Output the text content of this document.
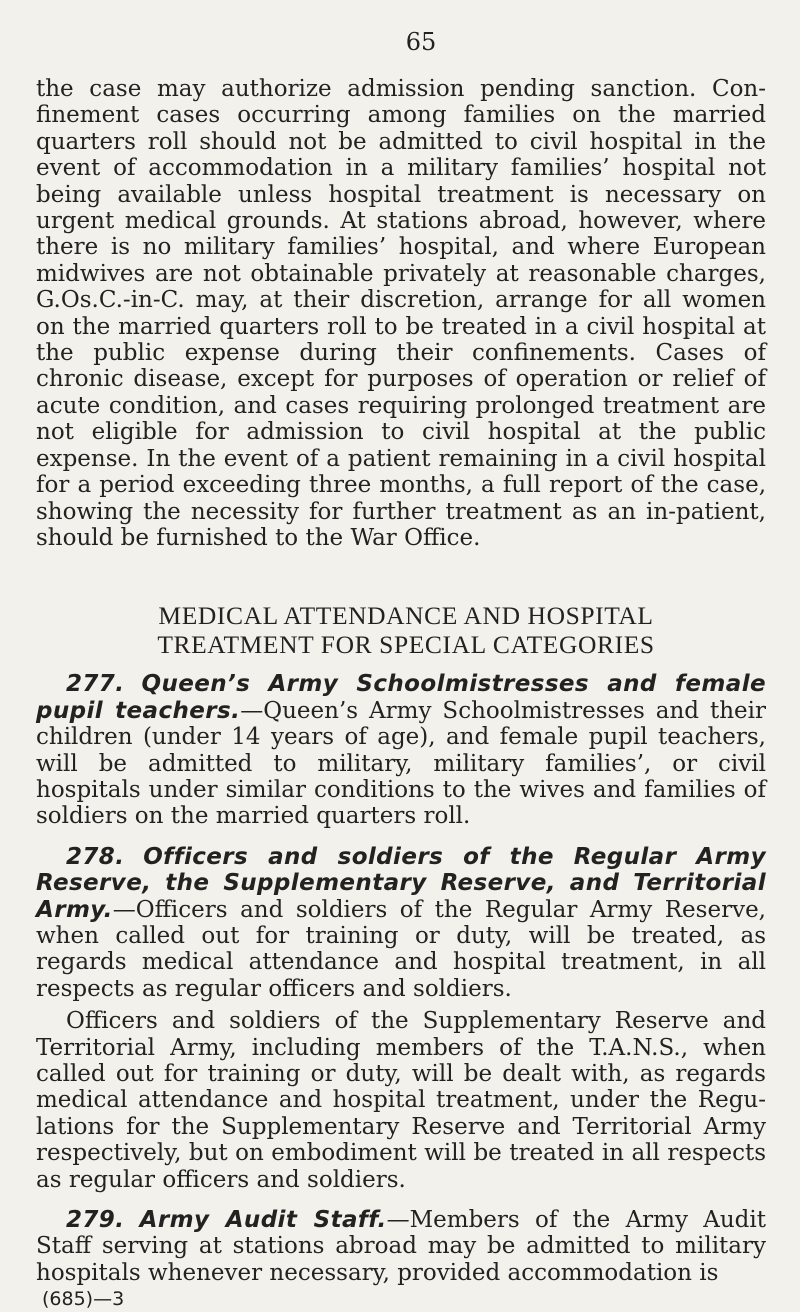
65

the case may authorize admission pending sanction. Con-finement cases occurring among families on the married quarters roll should not be admitted to civil hospital in the event of accommodation in a military families’ hospital not being available unless hospital treatment is necessary on urgent medical grounds. At stations abroad, however, where there is no military families’ hospital, and where European midwives are not obtainable privately at reasonable charges, G.Os.C.-in-C. may, at their discretion, arrange for all women on the married quarters roll to be treated in a civil hospital at the public expense during their confinements. Cases of chronic disease, except for purposes of operation or relief of acute condition, and cases requiring prolonged treatment are not eligible for admission to civil hospital at the public expense. In the event of a patient remaining in a civil hospital for a period exceeding three months, a full report of the case, showing the necessity for further treatment as an in-patient, should be furnished to the War Office.

MEDICAL ATTENDANCE AND HOSPITAL
TREATMENT FOR SPECIAL CATEGORIES

277. Queen’s Army Schoolmistresses and female pupil teachers.—Queen’s Army Schoolmistresses and their children (under 14 years of age), and female pupil teachers, will be admitted to military, military families’, or civil hospitals under similar conditions to the wives and families of soldiers on the married quarters roll.

278. Officers and soldiers of the Regular Army Reserve, the Supplementary Reserve, and Territorial Army.—Officers and soldiers of the Regular Army Reserve, when called out for training or duty, will be treated, as regards medical attendance and hospital treatment, in all respects as regular officers and soldiers.

Officers and soldiers of the Supplementary Reserve and Territorial Army, including members of the T.A.N.S., when called out for training or duty, will be dealt with, as regards medical attendance and hospital treatment, under the Regu-lations for the Supplementary Reserve and Territorial Army respectively, but on embodiment will be treated in all respects as regular officers and soldiers.

279. Army Audit Staff.—Members of the Army Audit Staff serving at stations abroad may be admitted to military hospitals whenever necessary, provided accommodation is

(685)—3
